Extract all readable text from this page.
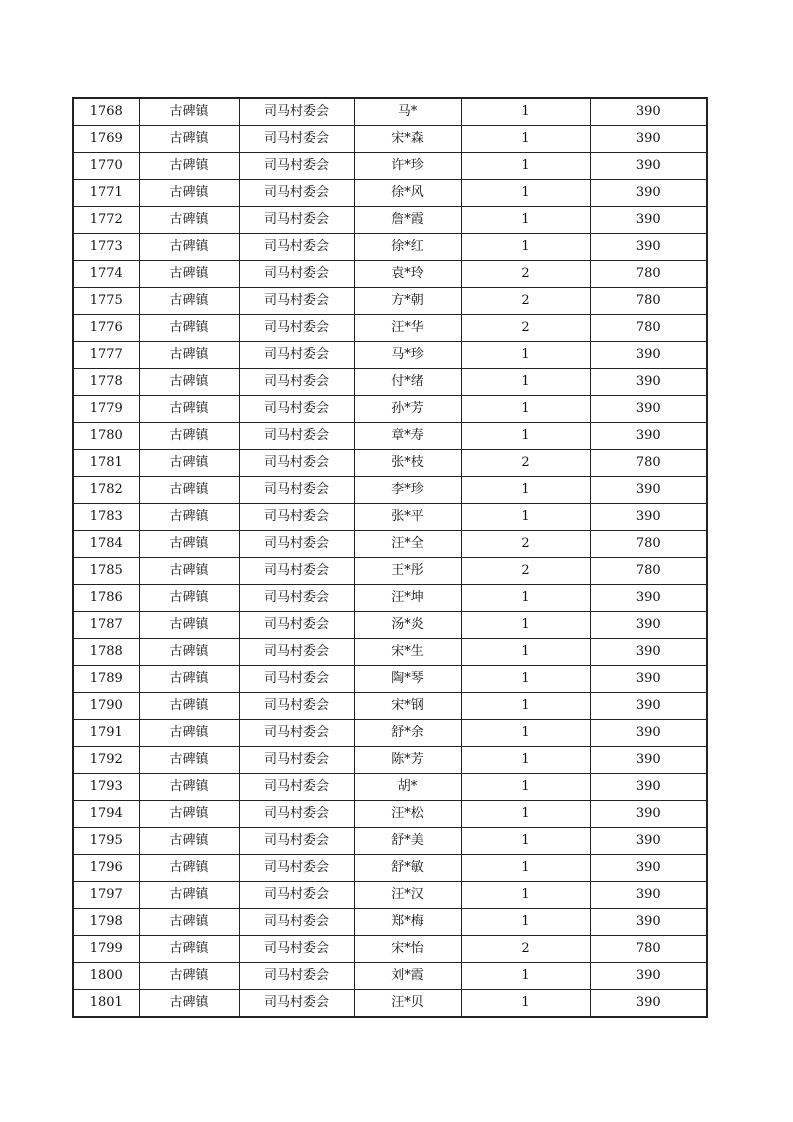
1768	古碑镇	司马村委会	马*	1	390
1769	古碑镇	司马村委会	宋*森	1	390
1770	古碑镇	司马村委会	许*珍	1	390
1771	古碑镇	司马村委会	徐*风	1	390
1772	古碑镇	司马村委会	詹*霞	1	390
1773	古碑镇	司马村委会	徐*红	1	390
1774	古碑镇	司马村委会	袁*玲	2	780
1775	古碑镇	司马村委会	方*朝	2	780
1776	古碑镇	司马村委会	汪*华	2	780
1777	古碑镇	司马村委会	马*珍	1	390
1778	古碑镇	司马村委会	付*绪	1	390
1779	古碑镇	司马村委会	孙*芳	1	390
1780	古碑镇	司马村委会	章*寿	1	390
1781	古碑镇	司马村委会	张*枝	2	780
1782	古碑镇	司马村委会	李*珍	1	390
1783	古碑镇	司马村委会	张*平	1	390
1784	古碑镇	司马村委会	汪*全	2	780
1785	古碑镇	司马村委会	王*彤	2	780
1786	古碑镇	司马村委会	汪*坤	1	390
1787	古碑镇	司马村委会	汤*炎	1	390
1788	古碑镇	司马村委会	宋*生	1	390
1789	古碑镇	司马村委会	陶*琴	1	390
1790	古碑镇	司马村委会	宋*钢	1	390
1791	古碑镇	司马村委会	舒*余	1	390
1792	古碑镇	司马村委会	陈*芳	1	390
1793	古碑镇	司马村委会	胡*	1	390
1794	古碑镇	司马村委会	汪*松	1	390
1795	古碑镇	司马村委会	舒*美	1	390
1796	古碑镇	司马村委会	舒*敏	1	390
1797	古碑镇	司马村委会	汪*汉	1	390
1798	古碑镇	司马村委会	郑*梅	1	390
1799	古碑镇	司马村委会	宋*怡	2	780
1800	古碑镇	司马村委会	刘*霞	1	390
1801	古碑镇	司马村委会	汪*贝	1	390
